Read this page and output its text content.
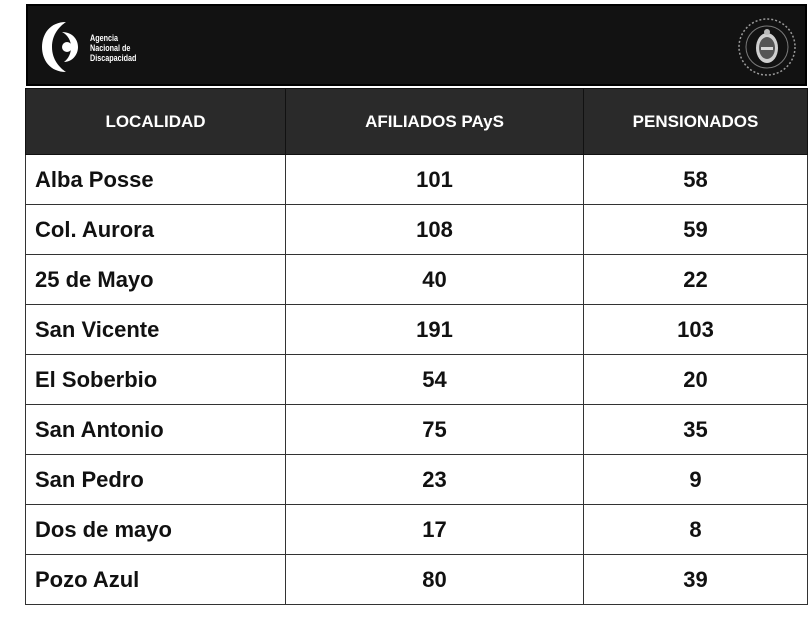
Agencia
Nacional de
Discapacidad
LOCALIDAD	AFILIADOS PAyS	PENSIONADOS
Alba Posse	101	58
Col. Aurora	108	59
25 de Mayo	40	22
San Vicente	191	103
El Soberbio	54	20
San Antonio	75	35
San Pedro	23	9
Dos de mayo	17	8
Pozo Azul	80	39
